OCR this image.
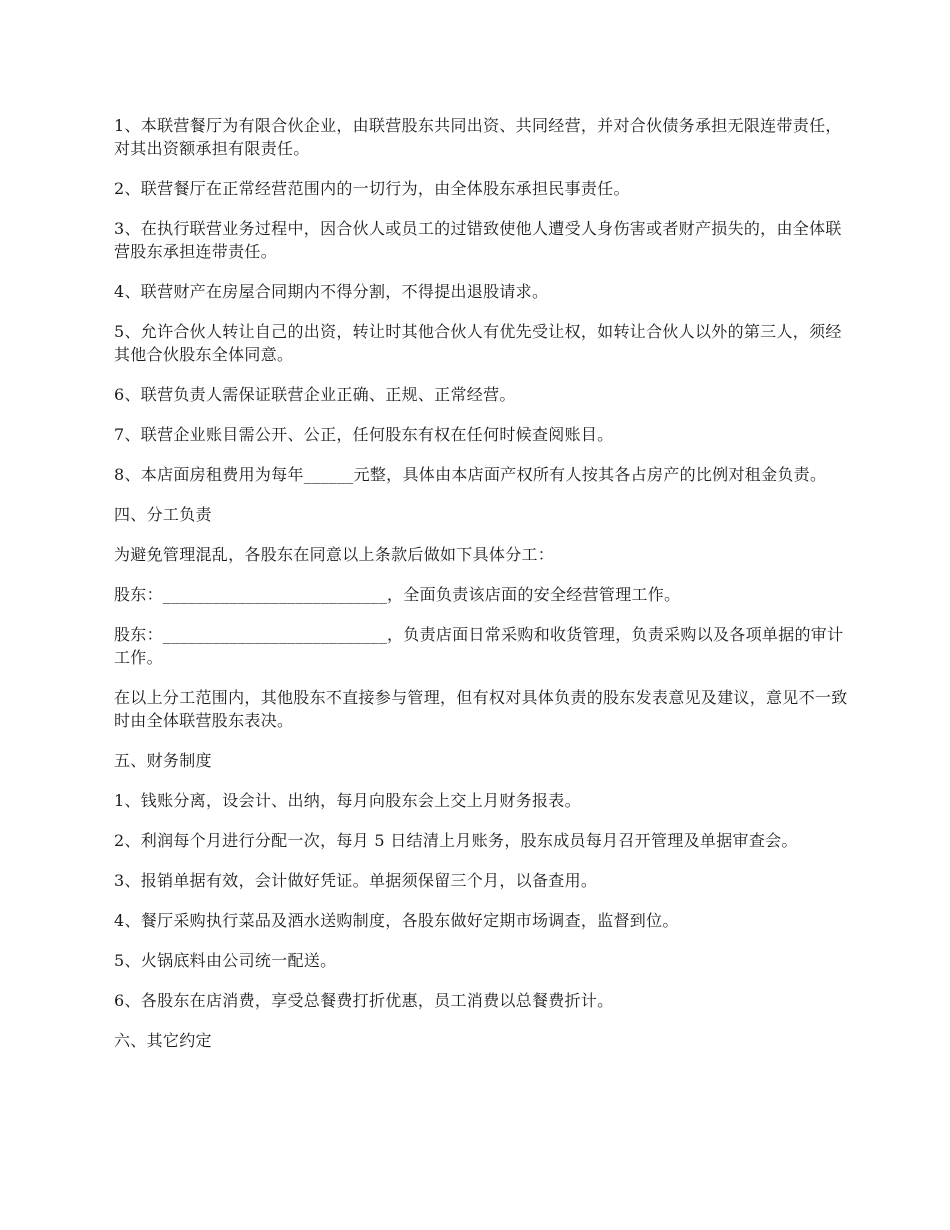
1、本联营餐厅为有限合伙企业，由联营股东共同出资、共同经营，并对合伙债务承担无限连带责任，对其出资额承担有限责任。

2、联营餐厅在正常经营范围内的一切行为，由全体股东承担民事责任。

3、在执行联营业务过程中，因合伙人或员工的过错致使他人遭受人身伤害或者财产损失的，由全体联营股东承担连带责任。

4、联营财产在房屋合同期内不得分割，不得提出退股请求。

5、允许合伙人转让自己的出资，转让时其他合伙人有优先受让权，如转让合伙人以外的第三人，须经其他合伙股东全体同意。

6、联营负责人需保证联营企业正确、正规、正常经营。

7、联营企业账目需公开、公正，任何股东有权在任何时候查阅账目。

8、本店面房租费用为每年______元整，具体由本店面产权所有人按其各占房产的比例对租金负责。

四、分工负责

为避免管理混乱，各股东在同意以上条款后做如下具体分工：

股东：___________________________，全面负责该店面的安全经营管理工作。

股东：___________________________，负责店面日常采购和收货管理，负责采购以及各项单据的审计工作。

在以上分工范围内，其他股东不直接参与管理，但有权对具体负责的股东发表意见及建议，意见不一致时由全体联营股东表决。

五、财务制度

1、钱账分离，设会计、出纳，每月向股东会上交上月财务报表。

2、利润每个月进行分配一次，每月 5 日结清上月账务，股东成员每月召开管理及单据审查会。

3、报销单据有效，会计做好凭证。单据须保留三个月，以备查用。

4、餐厅采购执行菜品及酒水送购制度，各股东做好定期市场调查，监督到位。

5、火锅底料由公司统一配送。

6、各股东在店消费，享受总餐费打折优惠，员工消费以总餐费折计。

六、其它约定
